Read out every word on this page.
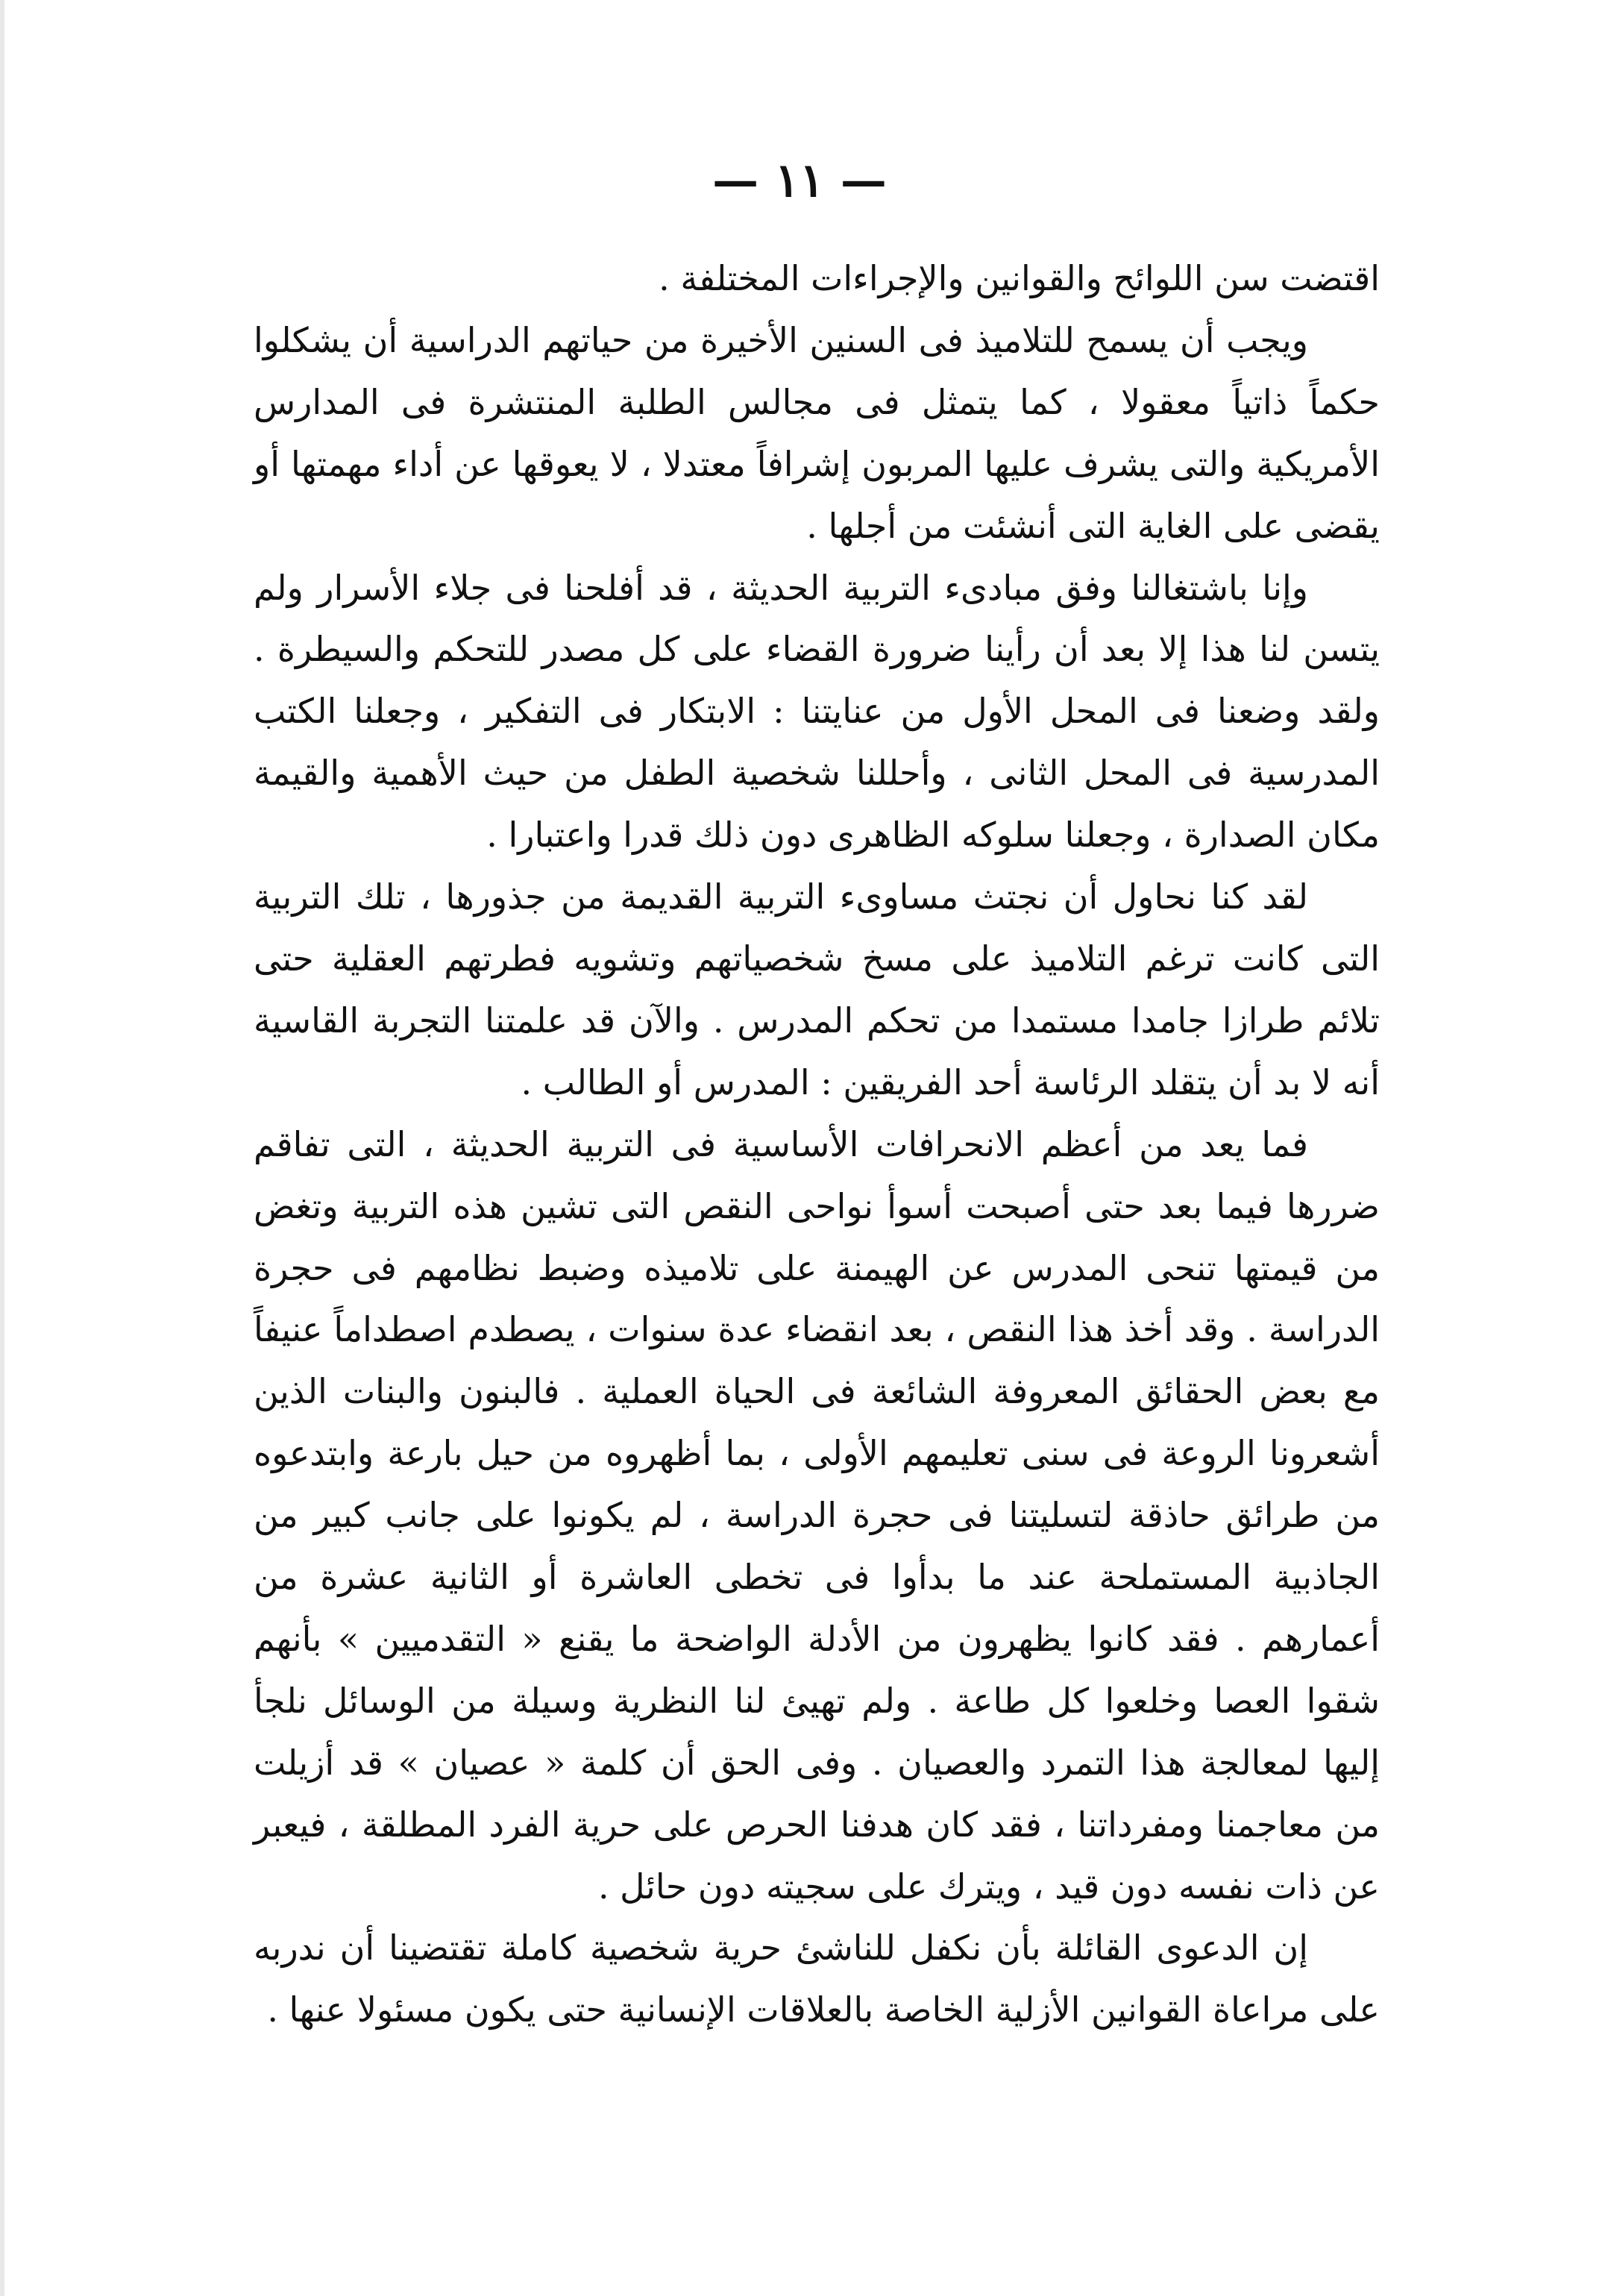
— ١١ —

اقتضت سن اللوائح والقوانين والإجراءات المختلفة .

ويجب أن يسمح للتلاميذ فى السنين الأخيرة من حياتهم الدراسية أن يشكلوا حكماً ذاتياً معقولا ، كما يتمثل فى مجالس الطلبة المنتشرة فى المدارس الأمريكية والتى يشرف عليها المربون إشرافاً معتدلا ، لا يعوقها عن أداء مهمتها أو يقضى على الغاية التى أنشئت من أجلها .

وإنا باشتغالنا وفق مبادىء التربية الحديثة ، قد أفلحنا فى جلاء الأسرار ولم يتسن لنا هذا إلا بعد أن رأينا ضرورة القضاء على كل مصدر للتحكم والسيطرة . ولقد وضعنا فى المحل الأول من عنايتنا : الابتكار فى التفكير ، وجعلنا الكتب المدرسية فى المحل الثانى ، وأحللنا شخصية الطفل من حيث الأهمية والقيمة مكان الصدارة ، وجعلنا سلوكه الظاهرى دون ذلك قدرا واعتبارا .

لقد كنا نحاول أن نجتث مساوىء التربية القديمة من جذورها ، تلك التربية التى كانت ترغم التلاميذ على مسخ شخصياتهم وتشويه فطرتهم العقلية حتى تلائم طرازا جامدا مستمدا من تحكم المدرس . والآن قد علمتنا التجربة القاسية أنه لا بد أن يتقلد الرئاسة أحد الفريقين : المدرس أو الطالب .

فما يعد من أعظم الانحرافات الأساسية فى التربية الحديثة ، التى تفاقم ضررها فيما بعد حتى أصبحت أسوأ نواحى النقص التى تشين هذه التربية وتغض من قيمتها تنحى المدرس عن الهيمنة على تلاميذه وضبط نظامهم فى حجرة الدراسة . وقد أخذ هذا النقص ، بعد انقضاء عدة سنوات ، يصطدم اصطداماً عنيفاً مع بعض الحقائق المعروفة الشائعة فى الحياة العملية . فالبنون والبنات الذين أشعرونا الروعة فى سنى تعليمهم الأولى ، بما أظهروه من حيل بارعة وابتدعوه من طرائق حاذقة لتسليتنا فى حجرة الدراسة ، لم يكونوا على جانب كبير من الجاذبية المستملحة عند ما بدأوا فى تخطى العاشرة أو الثانية عشرة من أعمارهم . فقد كانوا يظهرون من الأدلة الواضحة ما يقنع « التقدميين » بأنهم شقوا العصا وخلعوا كل طاعة . ولم تهيئ لنا النظرية وسيلة من الوسائل نلجأ إليها لمعالجة هذا التمرد والعصيان . وفى الحق أن كلمة « عصيان » قد أزيلت من معاجمنا ومفرداتنا ، فقد كان هدفنا الحرص على حرية الفرد المطلقة ، فيعبر عن ذات نفسه دون قيد ، ويترك على سجيته دون حائل .

إن الدعوى القائلة بأن نكفل للناشئ حرية شخصية كاملة تقتضينا أن ندربه على مراعاة القوانين الأزلية الخاصة بالعلاقات الإنسانية حتى يكون مسئولا عنها .
